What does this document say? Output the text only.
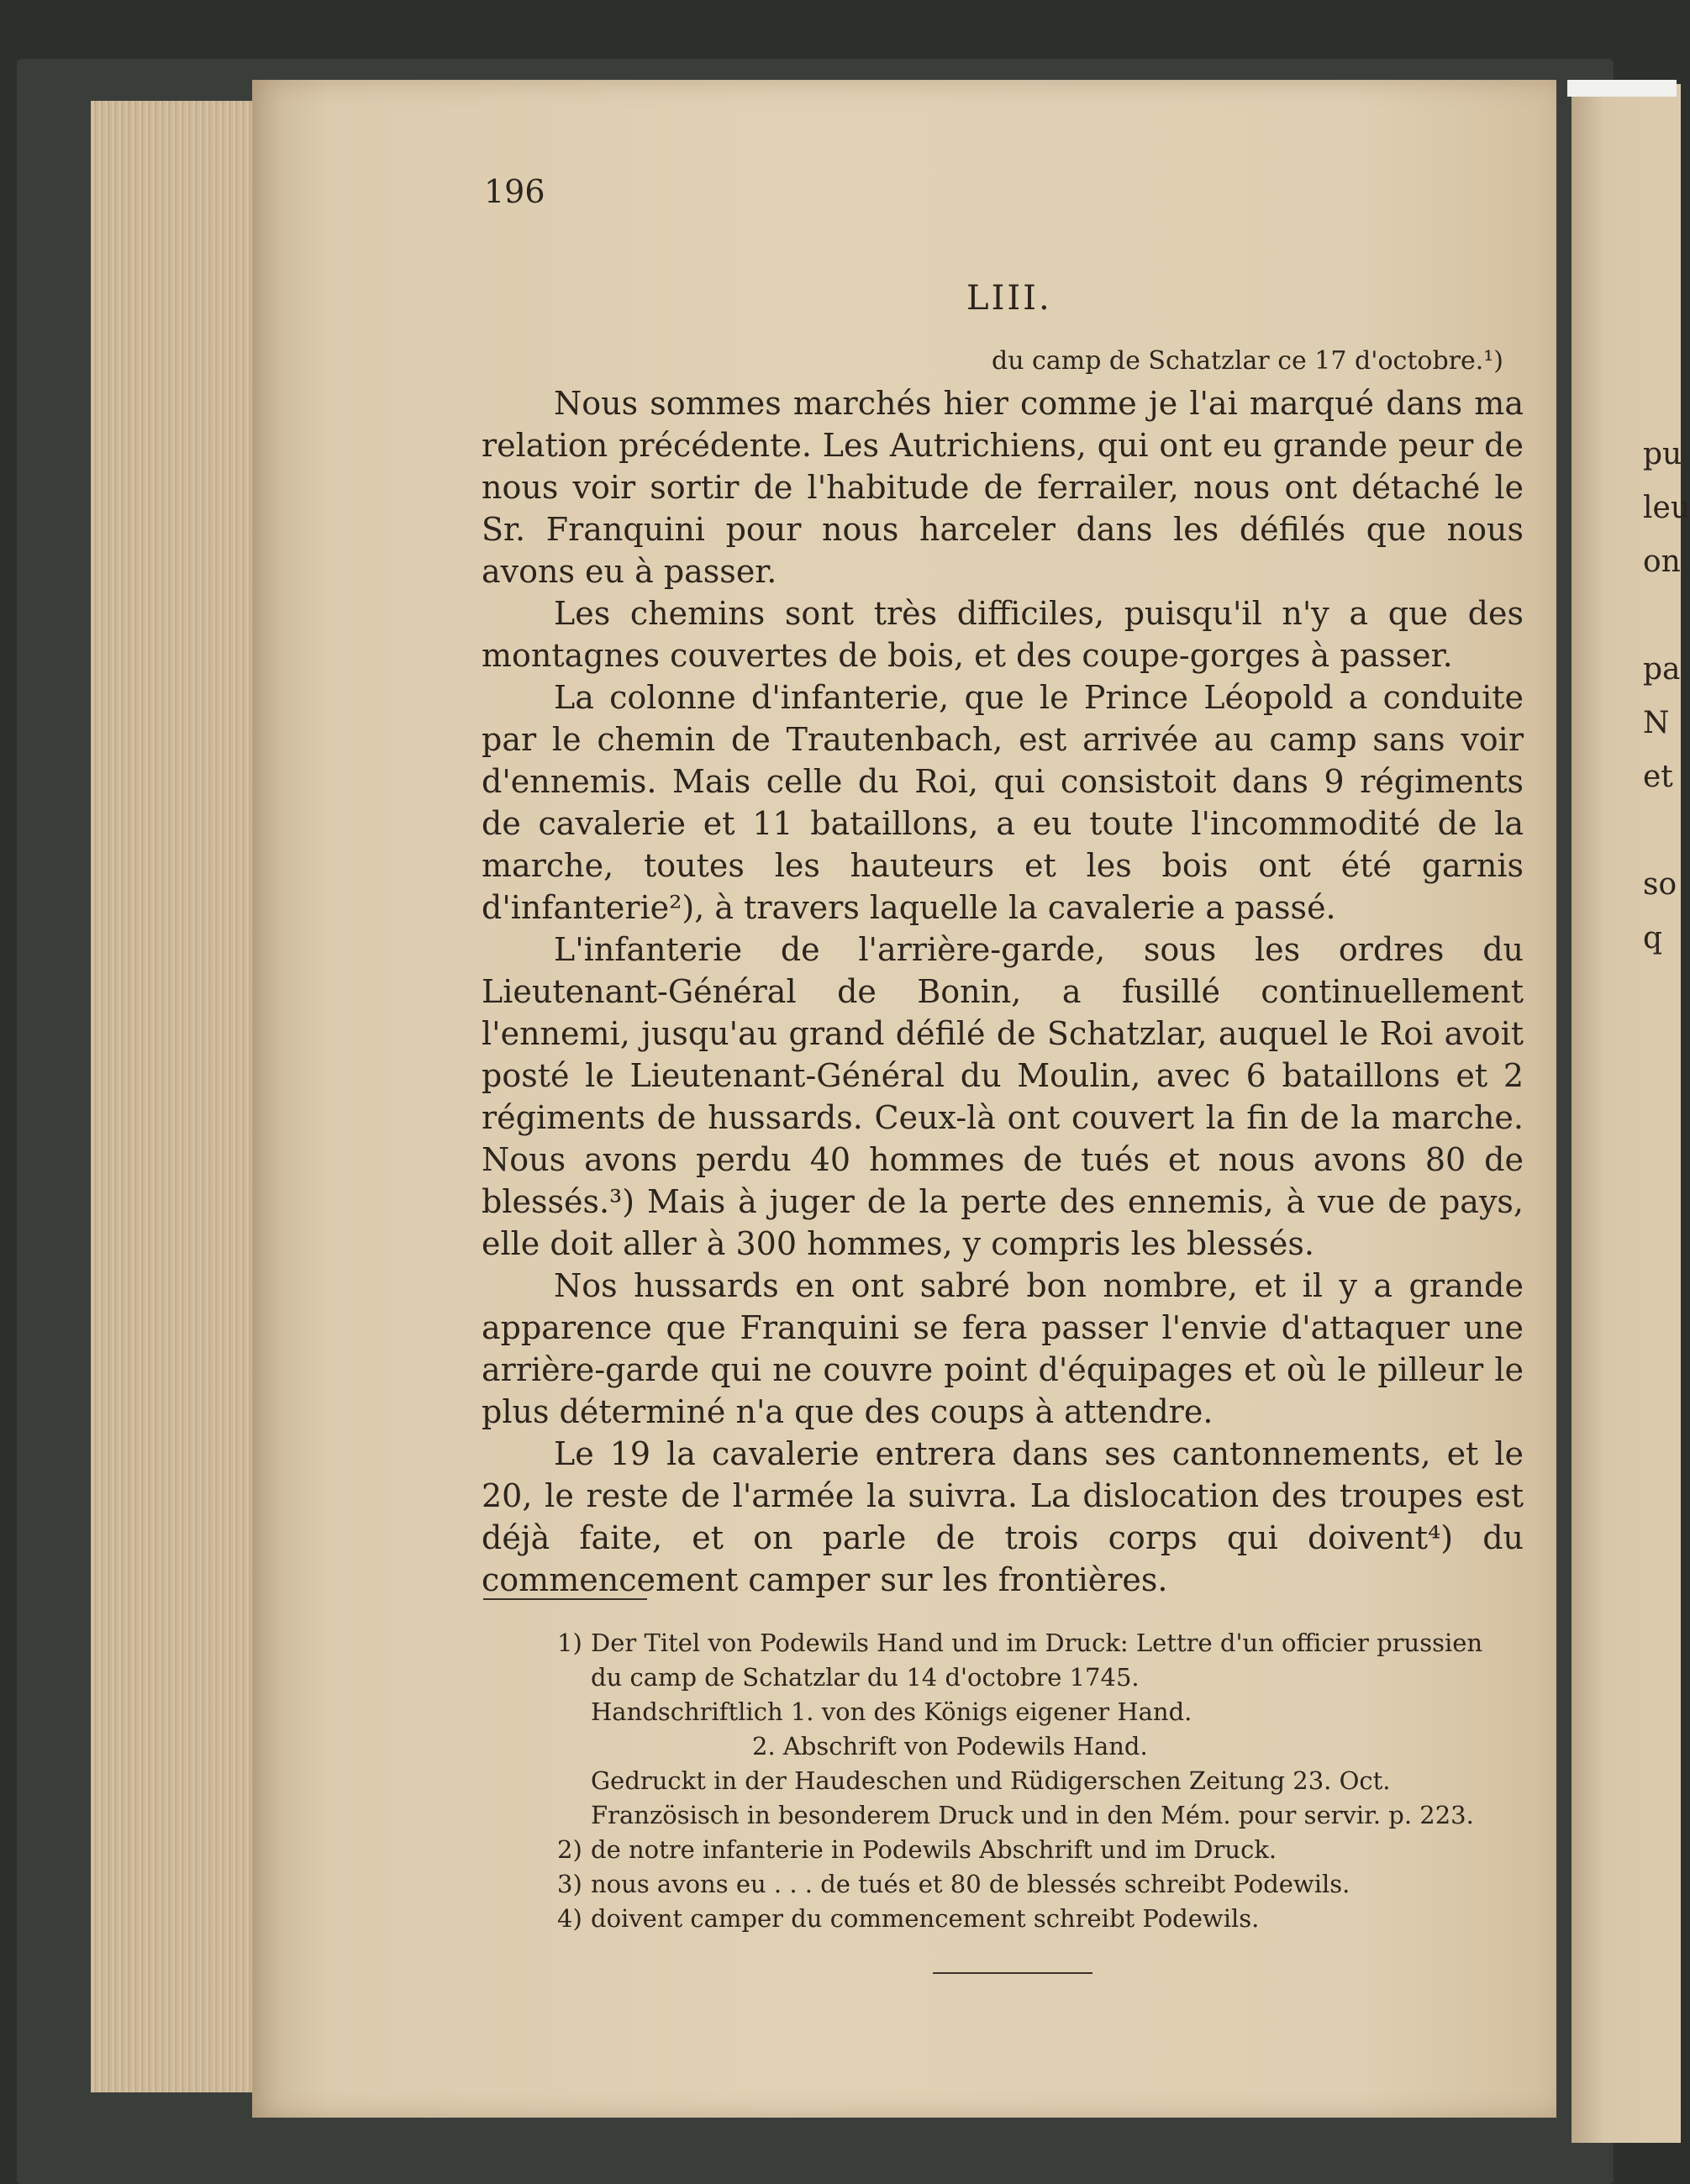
pu
leu
on
pa
N
et
so
q
196
LIII.
du camp de Schatzlar ce 17 d'octobre.¹)

Nous sommes marchés hier comme je l'ai marqué dans ma relation précédente. Les Autrichiens, qui ont eu grande peur de nous voir sortir de l'habitude de ferrailer, nous ont détaché le Sr. Franquini pour nous harceler dans les défilés que nous avons eu à passer.

Les chemins sont très difficiles, puisqu'il n'y a que des montagnes couvertes de bois, et des coupe-gorges à passer.

La colonne d'infanterie, que le Prince Léopold a conduite par le chemin de Trautenbach, est arrivée au camp sans voir d'ennemis. Mais celle du Roi, qui consistoit dans 9 régiments de cavalerie et 11 bataillons, a eu toute l'incommodité de la marche, toutes les hauteurs et les bois ont été garnis d'infanterie²), à travers laquelle la cavalerie a passé.

L'infanterie de l'arrière-garde, sous les ordres du Lieutenant-Général de Bonin, a fusillé continuellement l'ennemi, jusqu'au grand défilé de Schatzlar, auquel le Roi avoit posté le Lieutenant-Général du Moulin, avec 6 bataillons et 2 régiments de hussards. Ceux-là ont couvert la fin de la marche. Nous avons perdu 40 hommes de tués et nous avons 80 de blessés.³) Mais à juger de la perte des ennemis, à vue de pays, elle doit aller à 300 hommes, y compris les blessés.

Nos hussards en ont sabré bon nombre, et il y a grande apparence que Franquini se fera passer l'envie d'attaquer une arrière-garde qui ne couvre point d'équipages et où le pilleur le plus déterminé n'a que des coups à attendre.

Le 19 la cavalerie entrera dans ses cantonnements, et le 20, le reste de l'armée la suivra. La dislocation des troupes est déjà faite, et on parle de trois corps qui doivent⁴) du commencement camper sur les frontières.

1) Der Titel von Podewils Hand und im Druck: Lettre d'un officier prussien du camp de Schatzlar du 14 d'octobre 1745.
Handschriftlich 1. von des Königs eigener Hand.
2. Abschrift von Podewils Hand.
Gedruckt in der Haudeschen und Rüdigerschen Zeitung 23. Oct.
Französisch in besonderem Druck und in den Mém. pour servir. p. 223.
2) de notre infanterie in Podewils Abschrift und im Druck.
3) nous avons eu . . . de tués et 80 de blessés schreibt Podewils.
4) doivent camper du commencement schreibt Podewils.
